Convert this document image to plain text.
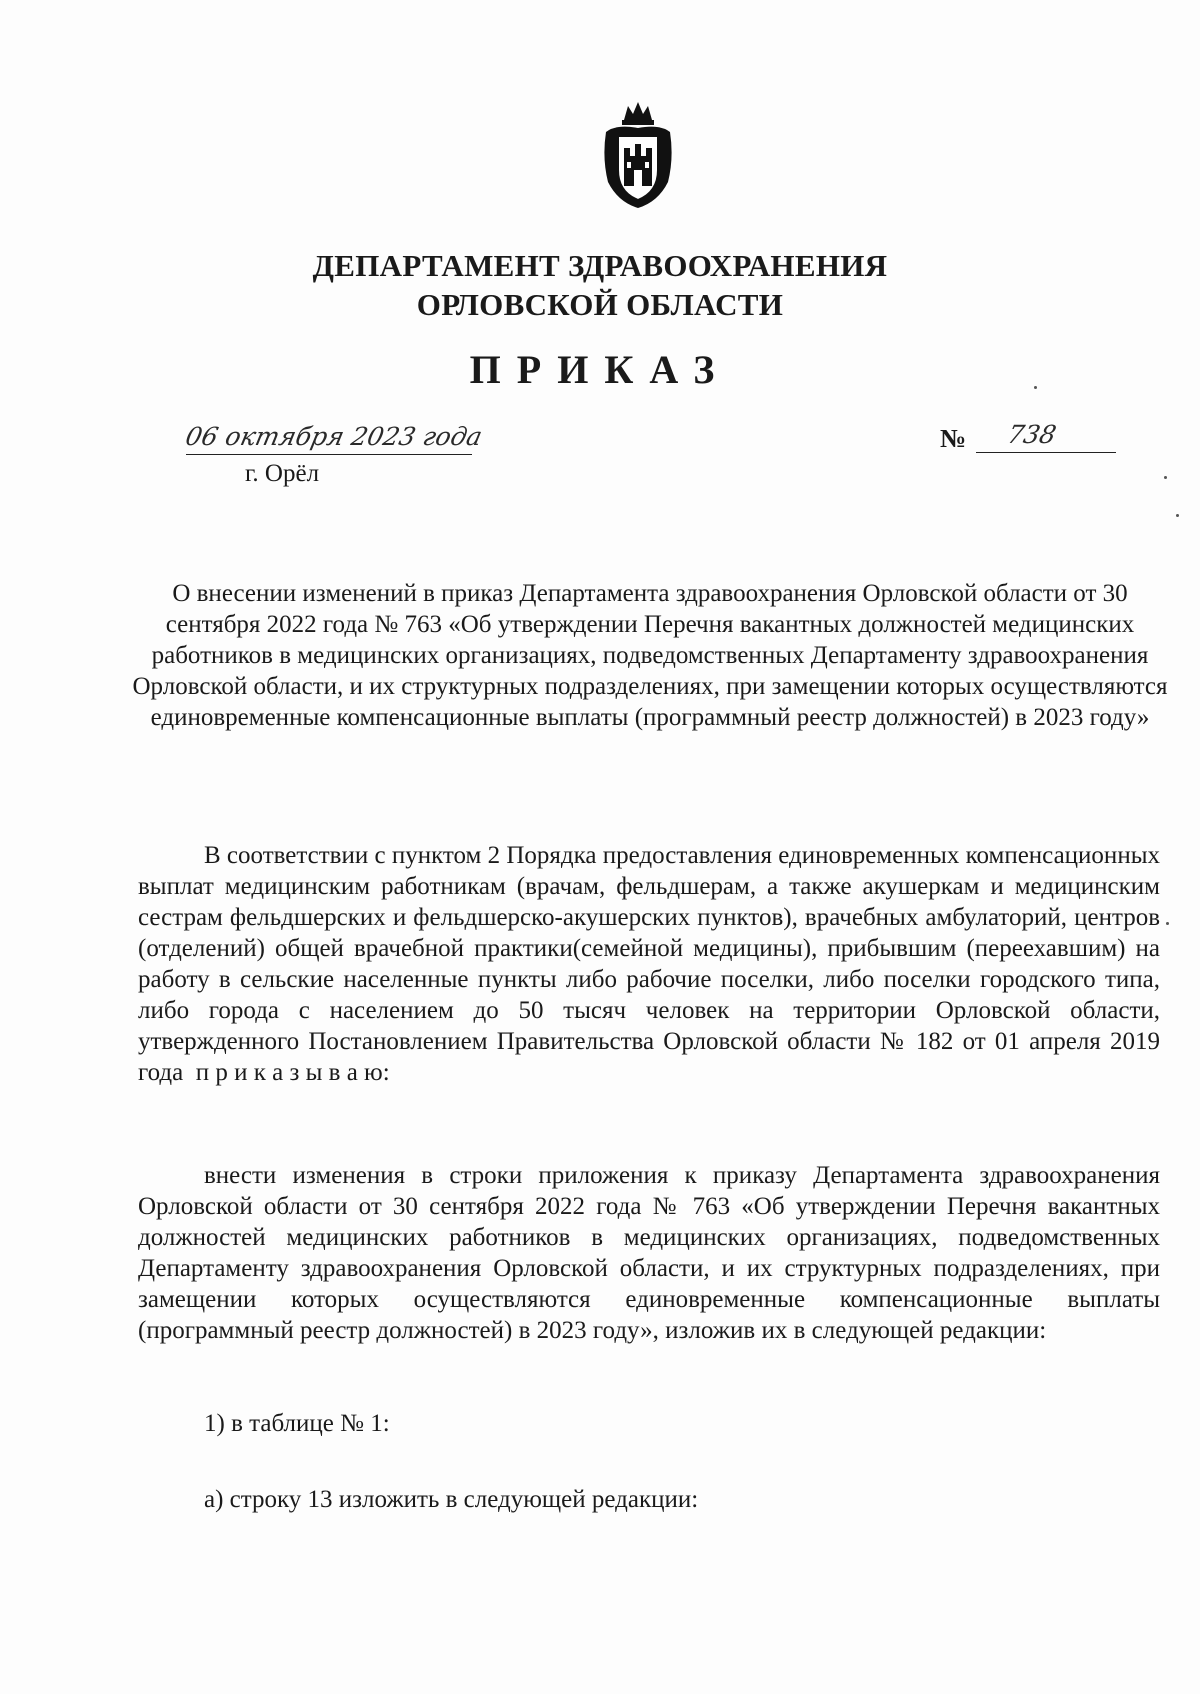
ДЕПАРТАМЕНТ ЗДРАВООХРАНЕНИЯ
ОРЛОВСКОЙ ОБЛАСТИ
ПРИКАЗ
06 октября 2023 года
г. Орёл
№ 738
О внесении изменений в приказ Департамента здравоохранения Орловской области от 30 сентября 2022 года № 763 «Об утверждении Перечня вакантных должностей медицинских работников в медицинских организациях, подведомственных Департаменту здравоохранения Орловской области, и их структурных подразделениях, при замещении которых осуществляются единовременные компенсационные выплаты (программный реестр должностей) в 2023 году»

В соответствии с пунктом 2 Порядка предоставления единовременных компенсационных выплат медицинским работникам (врачам, фельдшерам, а также акушеркам и медицинским сестрам фельдшерских и фельдшерско-акушерских пунктов), врачебных амбулаторий, центров (отделений) общей врачебной практики(семейной медицины), прибывшим (переехавшим) на работу в сельские населенные пункты либо рабочие поселки, либо поселки городского типа, либо города с населением до 50 тысяч человек на территории Орловской области, утвержденного Постановлением Правительства Орловской области № 182 от 01 апреля 2019 года п р и к а з ы в а ю:

внести изменения в строки приложения к приказу Департамента здравоохранения Орловской области от 30 сентября 2022 года № 763 «Об утверждении Перечня вакантных должностей медицинских работников в медицинских организациях, подведомственных Департаменту здравоохранения Орловской области, и их структурных подразделениях, при замещении которых осуществляются единовременные компенсационные выплаты (программный реестр должностей) в 2023 году», изложив их в следующей редакции:

1) в таблице № 1:

а) строку 13 изложить в следующей редакции:
